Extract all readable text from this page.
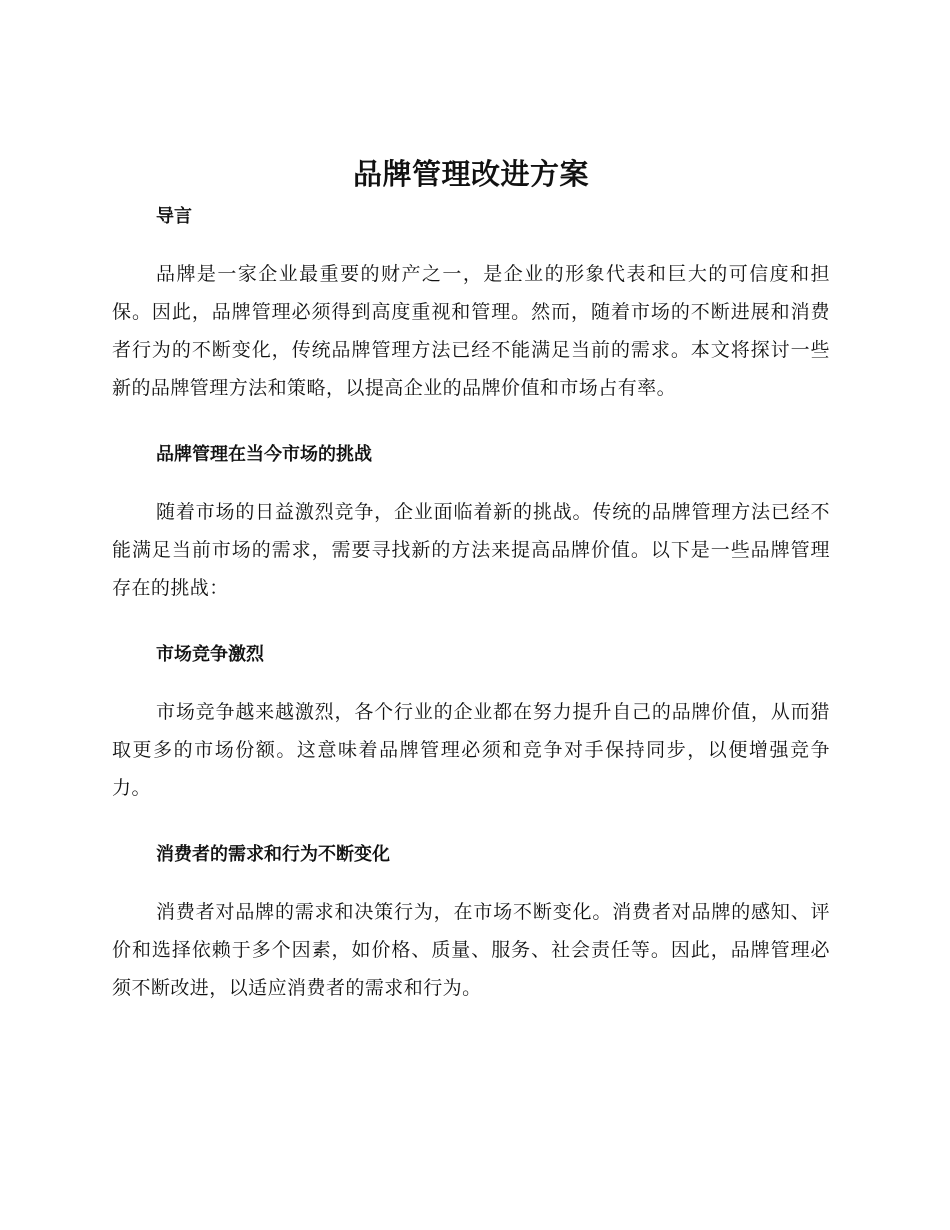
品牌管理改进方案
导言

品牌是一家企业最重要的财产之一，是企业的形象代表和巨大的可信度和担保。因此，品牌管理必须得到高度重视和管理。然而，随着市场的不断进展和消费者行为的不断变化，传统品牌管理方法已经不能满足当前的需求。本文将探讨一些新的品牌管理方法和策略，以提高企业的品牌价值和市场占有率。

品牌管理在当今市场的挑战

随着市场的日益激烈竞争，企业面临着新的挑战。传统的品牌管理方法已经不能满足当前市场的需求，需要寻找新的方法来提高品牌价值。以下是一些品牌管理存在的挑战：

市场竞争激烈

市场竞争越来越激烈，各个行业的企业都在努力提升自己的品牌价值，从而猎取更多的市场份额。这意味着品牌管理必须和竞争对手保持同步，以便增强竞争力。

消费者的需求和行为不断变化

消费者对品牌的需求和决策行为，在市场不断变化。消费者对品牌的感知、评价和选择依赖于多个因素，如价格、质量、服务、社会责任等。因此，品牌管理必须不断改进，以适应消费者的需求和行为。
